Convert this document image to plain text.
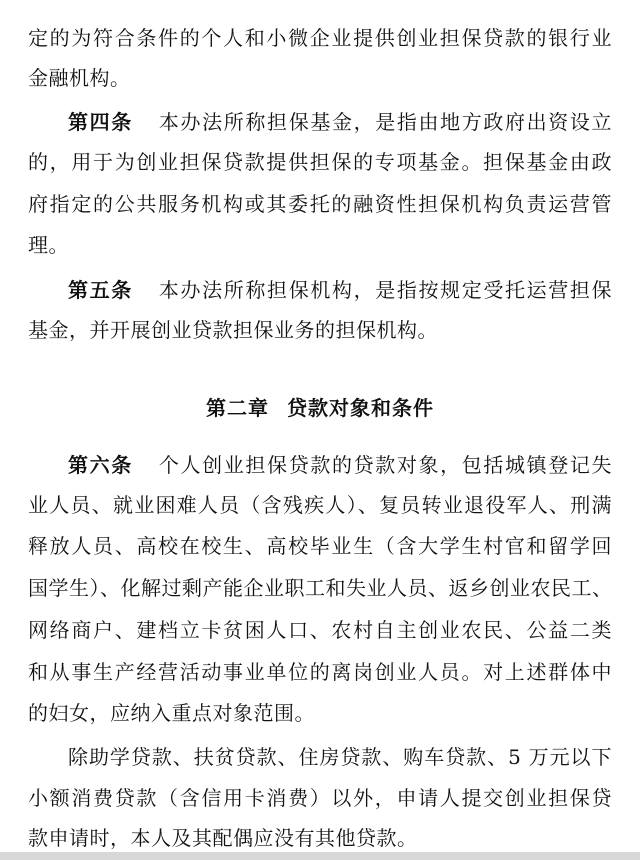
定的为符合条件的个人和小微企业提供创业担保贷款的银行业
金融机构。
第四条 本办法所称担保基金，是指由地方政府出资设立
的，用于为创业担保贷款提供担保的专项基金。担保基金由政
府指定的公共服务机构或其委托的融资性担保机构负责运营管
理。
第五条 本办法所称担保机构，是指按规定受托运营担保
基金，并开展创业贷款担保业务的担保机构。
第二章 贷款对象和条件
第六条 个人创业担保贷款的贷款对象，包括城镇登记失
业人员、就业困难人员（含残疾人）、复员转业退役军人、刑满
释放人员、高校在校生、高校毕业生（含大学生村官和留学回
国学生）、化解过剩产能企业职工和失业人员、返乡创业农民工、
网络商户、建档立卡贫困人口、农村自主创业农民、公益二类
和从事生产经营活动事业单位的离岗创业人员。对上述群体中
的妇女，应纳入重点对象范围。
除助学贷款、扶贫贷款、住房贷款、购车贷款、5 万元以下
小额消费贷款（含信用卡消费）以外，申请人提交创业担保贷
款申请时，本人及其配偶应没有其他贷款。
